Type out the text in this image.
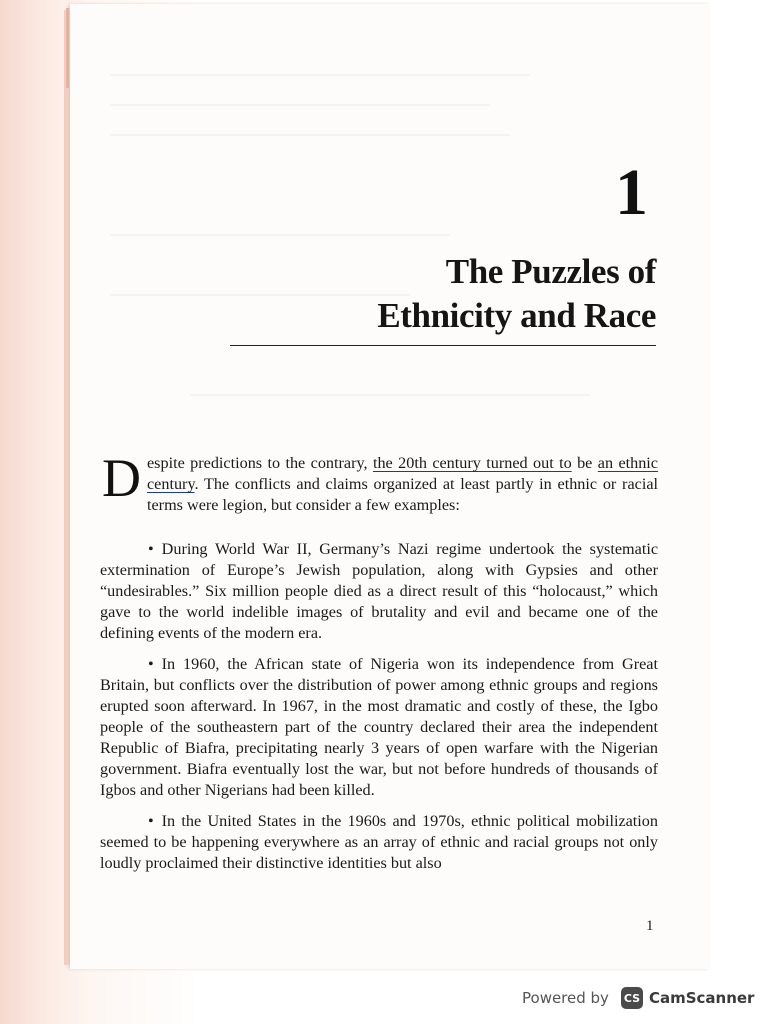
1
The Puzzles of
Ethnicity and Race
Despite predictions to the contrary, the 20th century turned out to be an ethnic century. The conflicts and claims organized at least partly in ethnic or racial terms were legion, but consider a few examples:

• During World War II, Germany’s Nazi regime undertook the systematic extermination of Europe’s Jewish population, along with Gypsies and other “undesirables.” Six million people died as a direct result of this “holocaust,” which gave to the world indelible images of brutality and evil and became one of the defining events of the modern era.

• In 1960, the African state of Nigeria won its independence from Great Britain, but conflicts over the distribution of power among ethnic groups and regions erupted soon afterward. In 1967, in the most dramatic and costly of these, the Igbo people of the southeastern part of the country declared their area the independent Republic of Biafra, precipitating nearly 3 years of open warfare with the Nigerian government. Biafra eventually lost the war, but not before hundreds of thousands of Igbos and other Nigerians had been killed.

• In the United States in the 1960s and 1970s, ethnic political mobilization seemed to be happening everywhere as an array of ethnic and racial groups not only loudly proclaimed their distinctive identities but also

1
Powered by CS CamScanner
